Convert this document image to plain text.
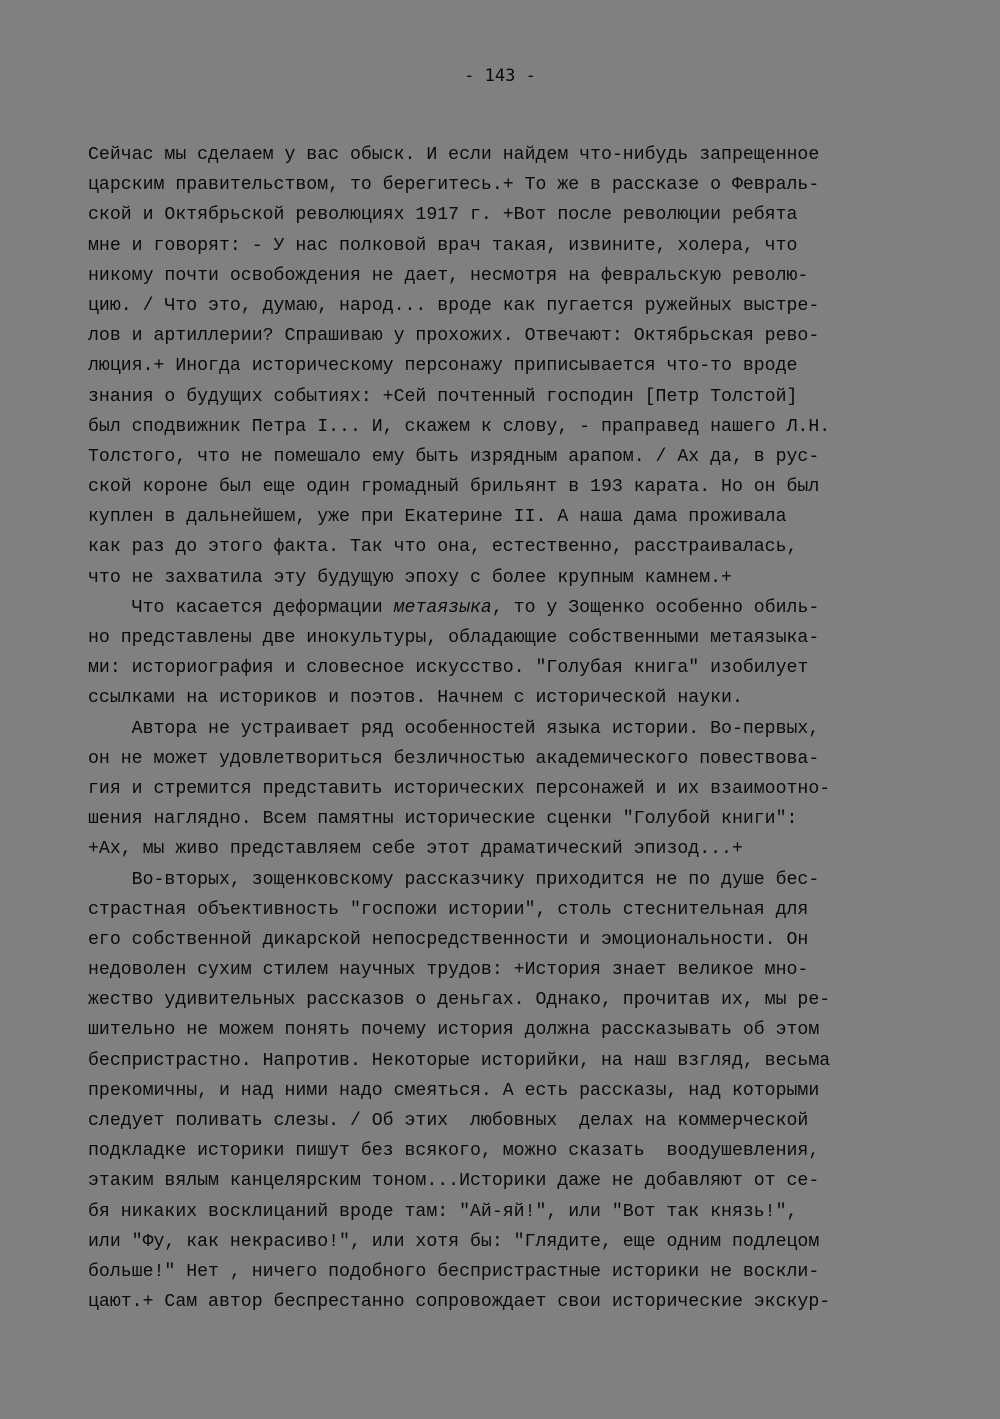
- 143 -
Сейчас мы сделаем у вас обыск. И если найдем что-нибудь запрещенное
царским правительством, то берегитесь.+ То же в рассказе о Февраль-
ской и Октябрьской революциях 1917 г. +Вот после революции ребята
мне и говорят: - У нас полковой врач такая, извините, холера, что
никому почти освобождения не дает, несмотря на февральскую револю-
цию. / Что это, думаю, народ... вроде как пугается ружейных выстре-
лов и артиллерии? Спрашиваю у прохожих. Отвечают: Октябрьская рево-
люция.+ Иногда историческому персонажу приписывается что-то вроде
знания о будущих событиях: +Сей почтенный господин [Петр Толстой]
был сподвижник Петра I... И, скажем к слову, - праправед нашего Л.Н.
Толстого, что не помешало ему быть изрядным арапом. / Ах да, в рус-
ской короне был еще один громадный брильянт в 193 карата. Но он был
куплен в дальнейшем, уже при Екатерине II. А наша дама проживала
как раз до этого факта. Так что она, естественно, расстраивалась,
что не захватила эту будущую эпоху с более крупным камнем.+
Что касается деформации метаязыка, то у Зощенко особенно обиль-
но представлены две инокультуры, обладающие собственными метаязыка-
ми: историография и словесное искусство. "Голубая книга" изобилует
ссылками на историков и поэтов. Начнем с исторической науки.
Автора не устраивает ряд особенностей языка истории. Во-первых,
он не может удовлетвориться безличностью академического повествова-
гия и стремится представить исторических персонажей и их взаимоотно-
шения наглядно. Всем памятны исторические сценки "Голубой книги":
+Ах, мы живо представляем себе этот драматический эпизод...+
Во-вторых, зощенковскому рассказчику приходится не по душе бес-
страстная объективность "госпожи истории", столь стеснительная для
его собственной дикарской непосредственности и эмоциональности. Он
недоволен сухим стилем научных трудов: +История знает великое мно-
жество удивительных рассказов о деньгах. Однако, прочитав их, мы ре-
шительно не можем понять почему история должна рассказывать об этом
беспристрастно. Напротив. Некоторые историйки, на наш взгляд, весьма
прекомичны, и над ними надо смеяться. А есть рассказы, над которыми
следует поливать слезы. / Об этих  любовных  делах на коммерческой
подкладке историки пишут без всякого, можно сказать  воодушевления,
этаким вялым канцелярским тоном...Историки даже не добавляют от се-
бя никаких восклицаний вроде там: "Ай-яй!", или "Вот так князь!",
или "Фу, как некрасиво!", или хотя бы: "Глядите, еще одним подлецом
больше!" Нет , ничего подобного беспристрастные историки не воскли-
цают.+ Сам автор беспрестанно сопровождает свои исторические экскур-
